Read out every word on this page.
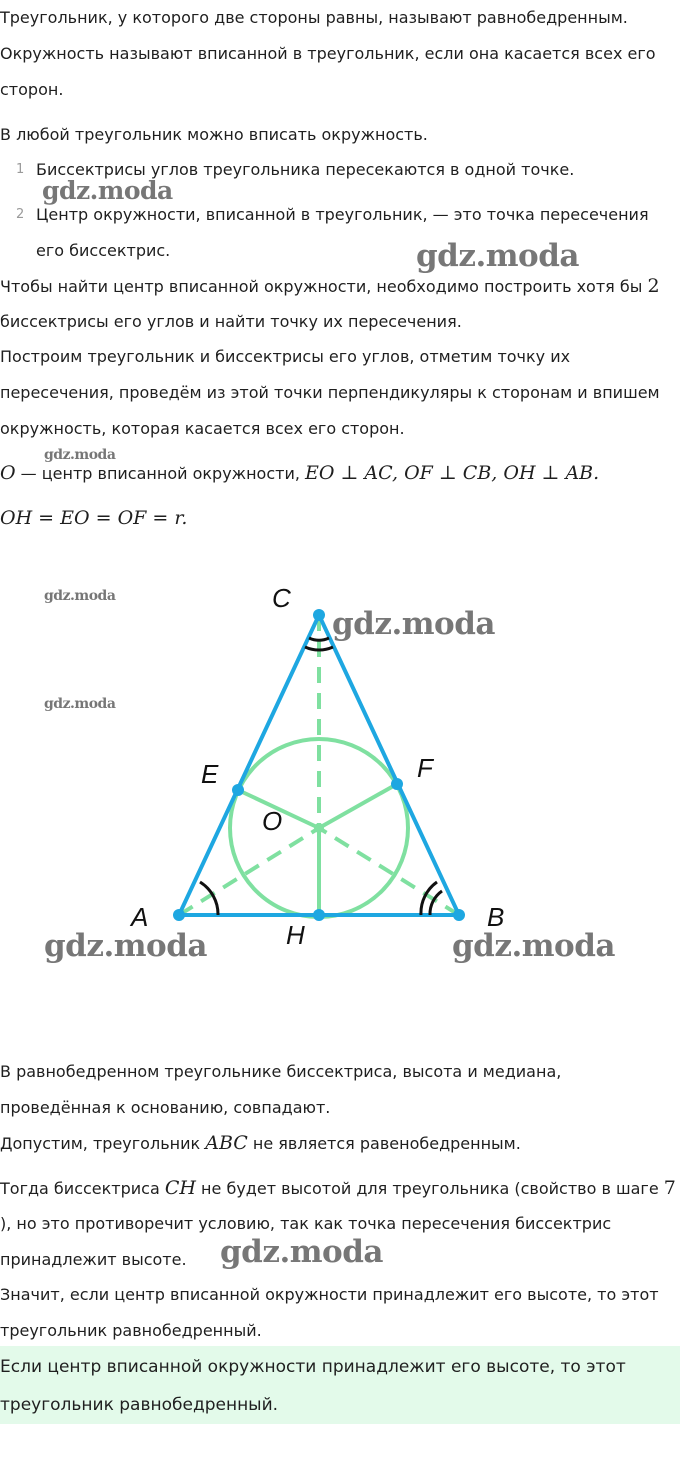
Треугольник, у которого две стороны равны, называют равнобедренным.
Окружность называют вписанной в треугольник, если она касается всех его
сторон.
В любой треугольник можно вписать окружность.
1 Биссектрисы углов треугольника пересекаются в одной точке.
2 Центр окружности, вписанной в треугольник, — это точка пересечения
его биссектрис.
Чтобы найти центр вписанной окружности, необходимо построить хотя бы 2
биссектрисы его углов и найти точку их пересечения.
Построим треугольник и биссектрисы его углов, отметим точку их
пересечения, проведём из этой точки перпендикуляры к сторонам и впишем
окружность, которая касается всех его сторон.
O — центр вписанной окружности, EO ⊥ AC, OF ⊥ CB, OH ⊥ AB.
OH = EO = OF = r.
C
E	F
O
A
H
B
В равнобедренном треугольнике биссектриса, высота и медиана,
проведённая к основанию, совпадают.
Допустим, треугольник ABC не является равенобедренным.
Тогда биссектриса CH не будет высотой для треугольника (свойство в шаге 7
), но это противоречит условию, так как точка пересечения биссектрис
принадлежит высоте.
Значит, если центр вписанной окружности принадлежит его высоте, то этот
треугольник равнобедренный.
Если центр вписанной окружности принадлежит его высоте, то этот
треугольник равнобедренный.
gdz.moda
gdz.moda
gdz.moda
gdz.moda
gdz.moda
gdz.moda
gdz.moda	gdz.moda
gdz.moda
